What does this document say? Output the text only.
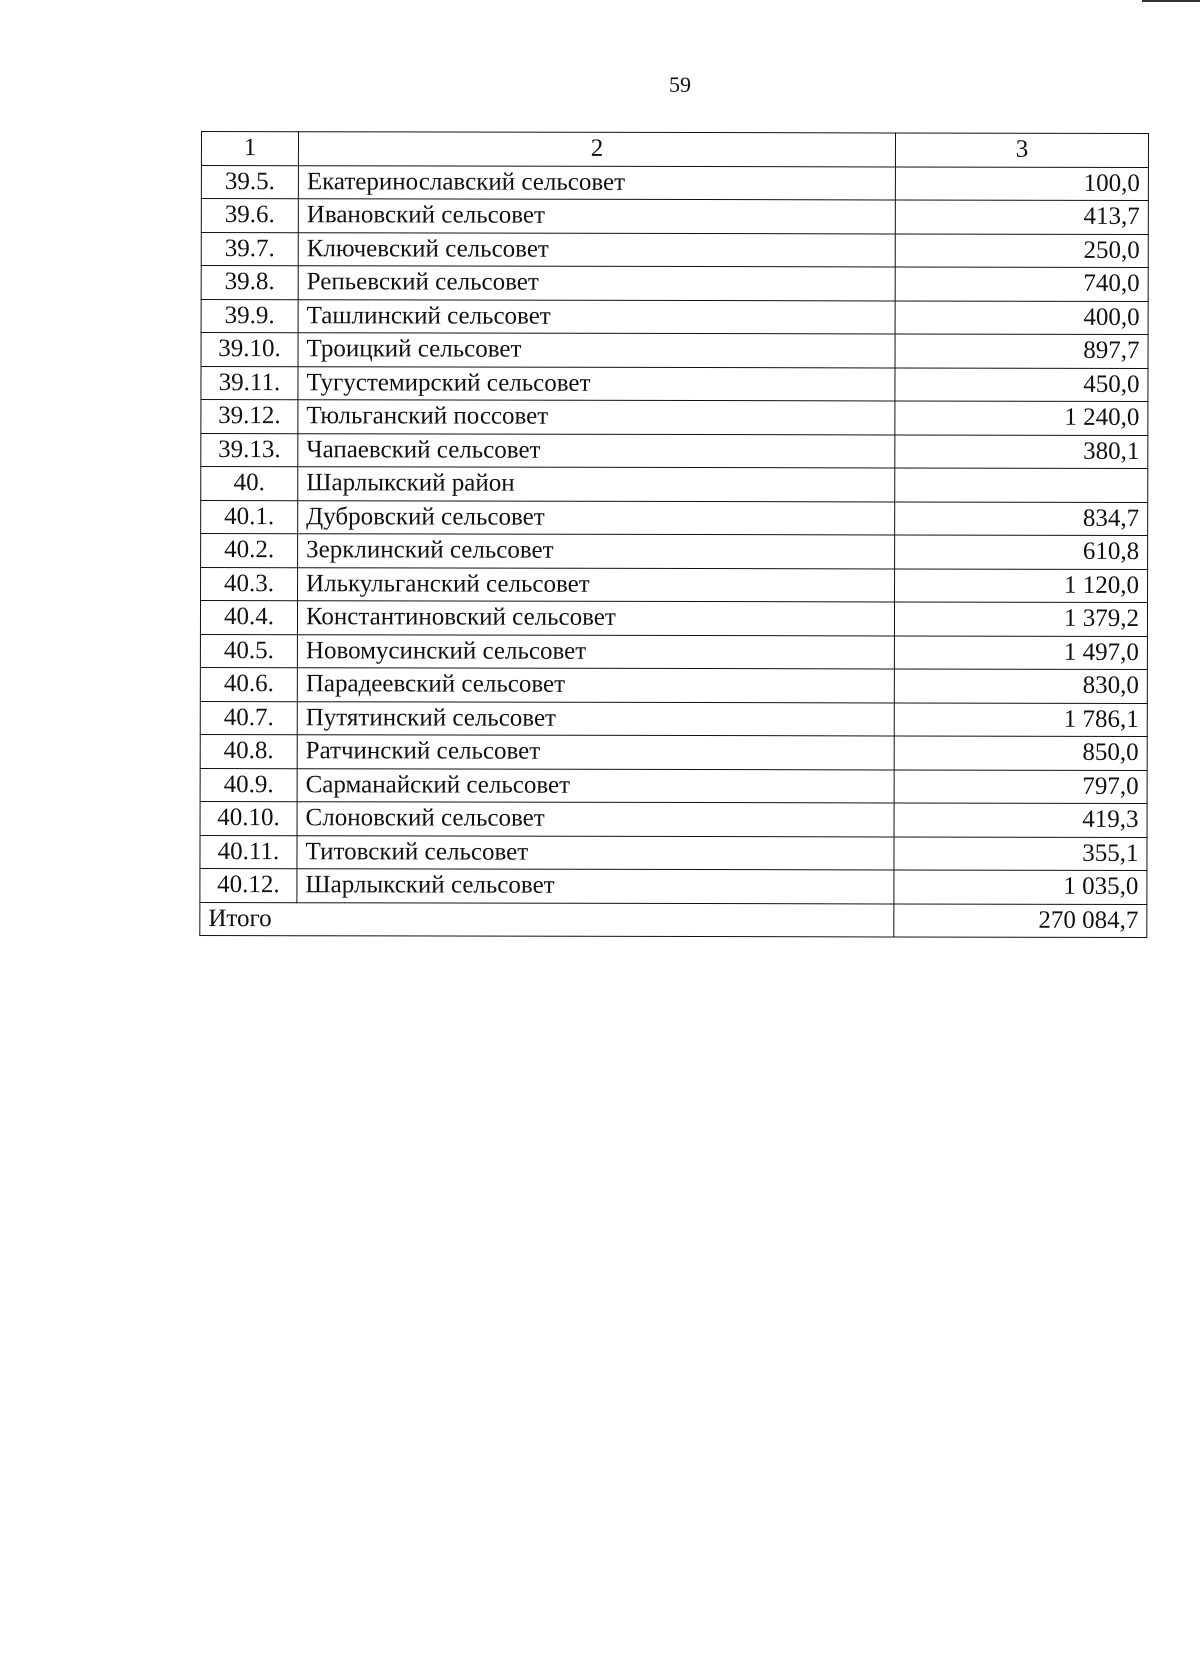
59
1	2	3
39.5.	Екатеринославский сельсовет	100,0
39.6.	Ивановский сельсовет	413,7
39.7.	Ключевский сельсовет	250,0
39.8.	Репьевский сельсовет	740,0
39.9.	Ташлинский сельсовет	400,0
39.10.	Троицкий сельсовет	897,7
39.11.	Тугустемирский сельсовет	450,0
39.12.	Тюльганский поссовет	1 240,0
39.13.	Чапаевский сельсовет	380,1
40.	Шарлыкский район	
40.1.	Дубровский сельсовет	834,7
40.2.	Зерклинский сельсовет	610,8
40.3.	Илькульганский сельсовет	1 120,0
40.4.	Константиновский сельсовет	1 379,2
40.5.	Новомусинский сельсовет	1 497,0
40.6.	Парадеевский сельсовет	830,0
40.7.	Путятинский сельсовет	1 786,1
40.8.	Ратчинский сельсовет	850,0
40.9.	Сарманайский сельсовет	797,0
40.10.	Слоновский сельсовет	419,3
40.11.	Титовский сельсовет	355,1
40.12.	Шарлыкский сельсовет	1 035,0
Итого		270 084,7
